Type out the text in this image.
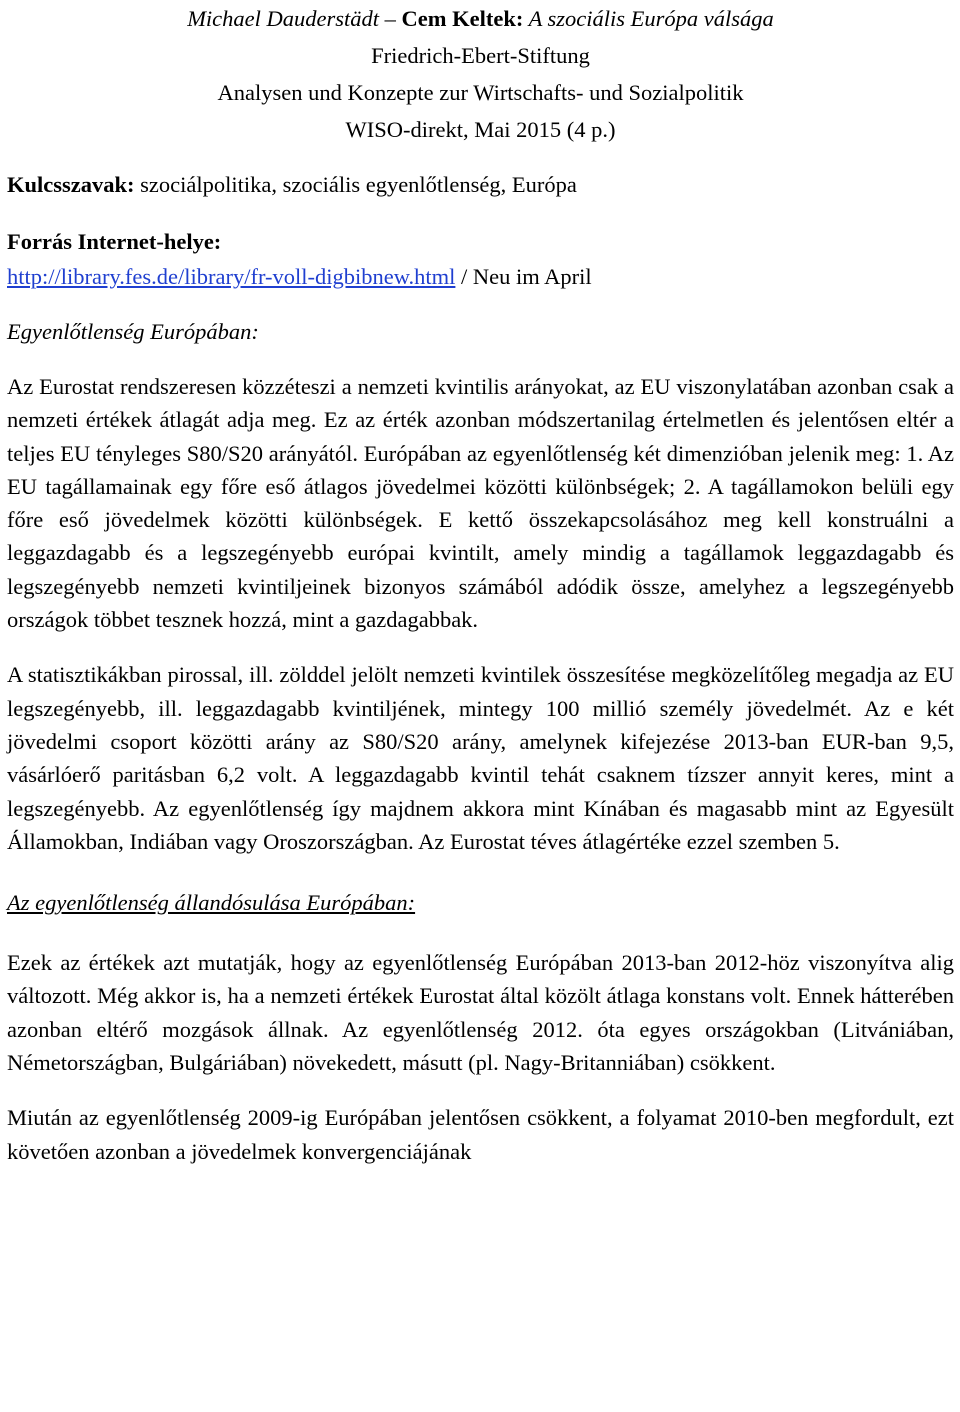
Michael Dauderstädt – Cem Keltek: A szociális Európa válsága
Friedrich-Ebert-Stiftung
Analysen und Konzepte zur Wirtschafts- und Sozialpolitik
WISO-direkt, Mai 2015 (4 p.)
Kulcsszavak: szociálpolitika, szociális egyenlőtlenség, Európa
Forrás Internet-helye:
http://library.fes.de/library/fr-voll-digbibnew.html / Neu im April
Egyenlőtlenség Európában:

Az Eurostat rendszeresen közzéteszi a nemzeti kvintilis arányokat, az EU viszonylatában azonban csak a nemzeti értékek átlagát adja meg. Ez az érték azonban módszertanilag értelmetlen és jelentősen eltér a teljes EU tényleges S80/S20 arányától. Európában az egyenlőtlenség két dimenzióban jelenik meg: 1. Az EU tagállamainak egy főre eső átlagos jövedelmei közötti különbségek; 2. A tagállamokon belüli egy főre eső jövedelmek közötti különbségek. E kettő összekapcsolásához meg kell konstruálni a leggazdagabb és a legszegényebb európai kvintilt, amely mindig a tagállamok leggazdagabb és legszegényebb nemzeti kvintiljeinek bizonyos számából adódik össze, amelyhez a legszegényebb országok többet tesznek hozzá, mint a gazdagabbak.

A statisztikákban pirossal, ill. zölddel jelölt nemzeti kvintilek összesítése megközelítőleg megadja az EU legszegényebb, ill. leggazdagabb kvintiljének, mintegy 100 millió személy jövedelmét. Az e két jövedelmi csoport közötti arány az S80/S20 arány, amelynek kifejezése 2013-ban EUR-ban 9,5, vásárlóerő paritásban 6,2 volt. A leggazdagabb kvintil tehát csaknem tízszer annyit keres, mint a legszegényebb. Az egyenlőtlenség így majdnem akkora mint Kínában és magasabb mint az Egyesült Államokban, Indiában vagy Oroszországban. Az Eurostat téves átlagértéke ezzel szemben 5.

Az egyenlőtlenség állandósulása Európában:

Ezek az értékek azt mutatják, hogy az egyenlőtlenség Európában 2013-ban 2012-höz viszonyítva alig változott. Még akkor is, ha a nemzeti értékek Eurostat által közölt átlaga konstans volt. Ennek hátterében azonban eltérő mozgások állnak. Az egyenlőtlenség 2012. óta egyes országokban (Litvániában, Németországban, Bulgáriában) növekedett, másutt (pl. Nagy-Britanniában) csökkent.

Miután az egyenlőtlenség 2009-ig Európában jelentősen csökkent, a folyamat 2010-ben megfordult, ezt követően azonban a jövedelmek konvergenciájának
